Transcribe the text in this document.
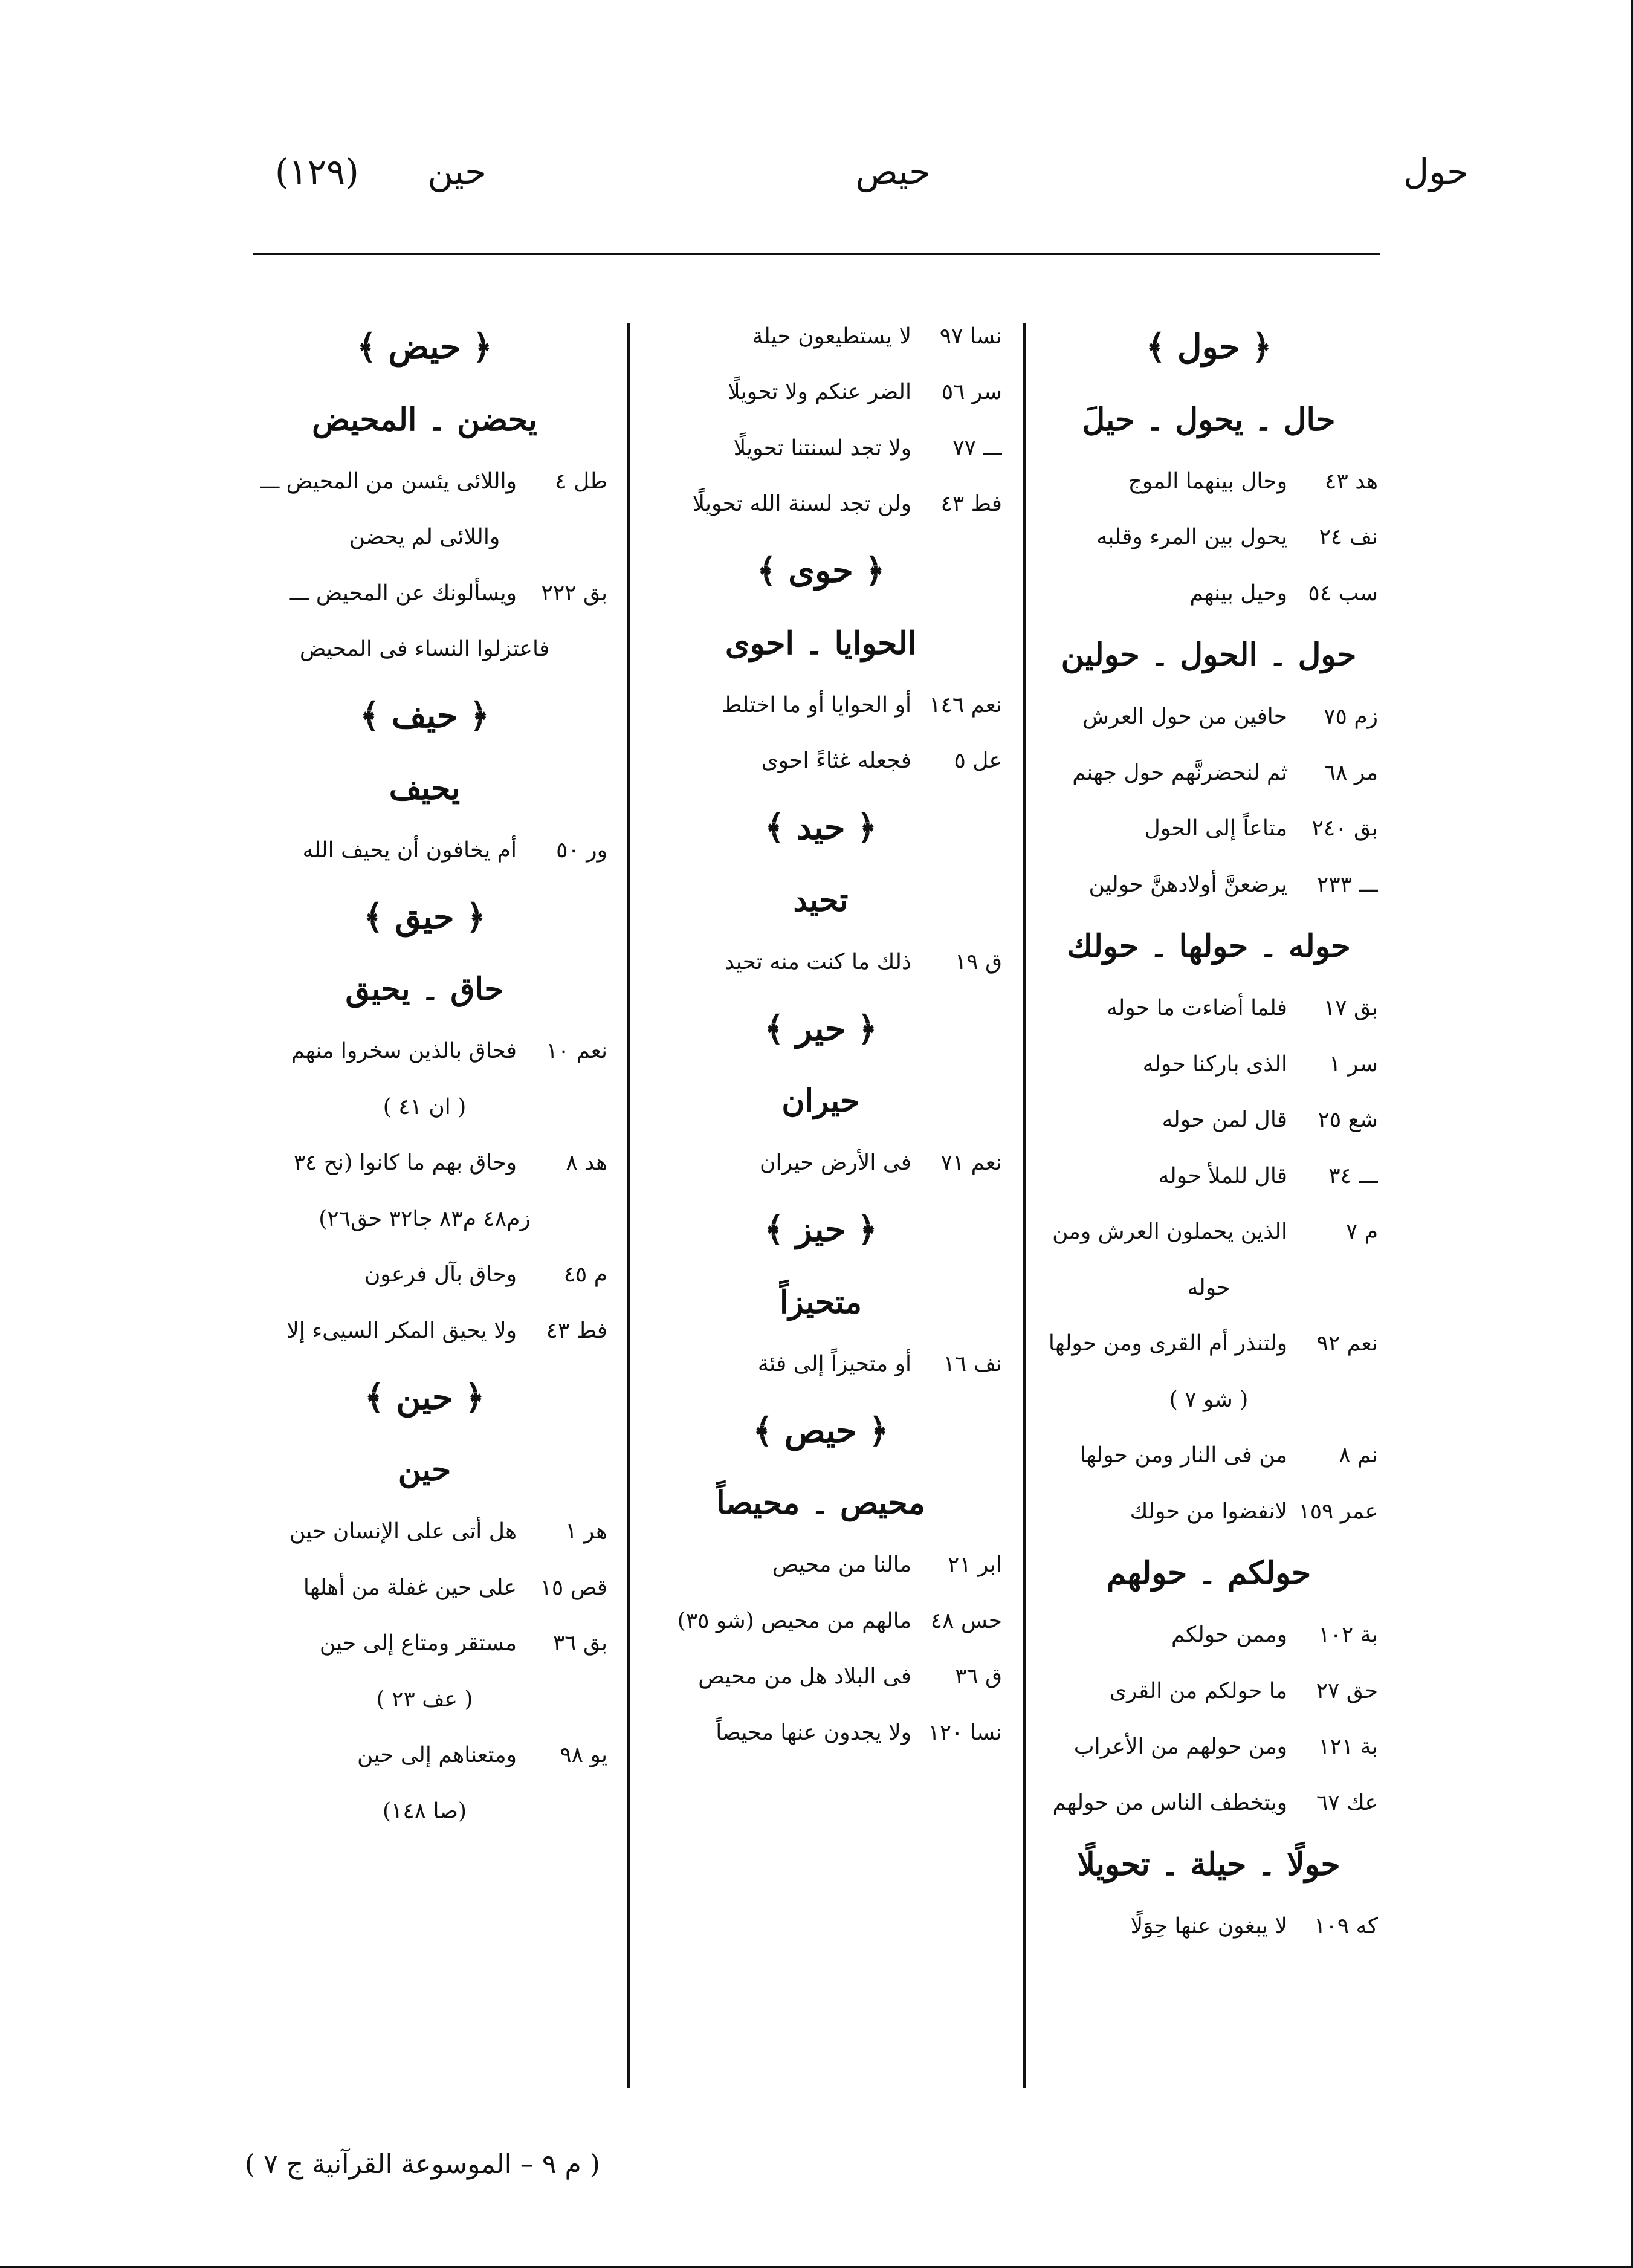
حول
حيص
حين
(١٢٩)
﴿ حول ﴾
حال ۔ يحول ۔ حيلَ
هد ٤٣
وحال بينهما الموج
نف ٢٤
يحول بين المرء وقلبه
سب ٥٤
وحيل بينهم
حول ۔ الحول ۔ حولين
زم ٧٥
حافين من حول العرش
مر ٦٨
ثم لنحضرنَّهم حول جهنم
بق ٢٤٠
متاعاً إلى الحول
ـــ ٢٣٣
يرضعنَّ أولادهنَّ حولين
حوله ۔ حولها ۔ حولك
بق ١٧
فلما أضاءت ما حوله
سر ١
الذى باركنا حوله
شع ٢٥
قال لمن حوله
ـــ ٣٤
قال للملأ حوله
م ٧
الذين يحملون العرش ومن
حوله
نعم ٩٢
ولتنذر أم القرى ومن حولها
( شو ٧ )
نم ٨
من فى النار ومن حولها
عمر ١٥٩
لانفضوا من حولك
حولكم ۔ حولهم
بة ١٠٢
وممن حولكم
حق ٢٧
ما حولكم من القرى
بة ١٢١
ومن حولهم من الأعراب
عك ٦٧
ويتخطف الناس من حولهم
حولًا ۔ حيلة ۔ تحويلًا
كه ١٠٩
لا يبغون عنها حِوَلًا
نسا ٩٧
لا يستطيعون حيلة
سر ٥٦
الضر عنكم ولا تحويلًا
ـــ ٧٧
ولا تجد لسنتنا تحويلًا
فط ٤٣
ولن تجد لسنة الله تحويلًا
﴿ حوى ﴾
الحوايا ۔ احوى
نعم ١٤٦
أو الحوايا أو ما اختلط
عل ٥
فجعله غثاءً احوى
﴿ حيد ﴾
تحيد
ق ١٩
ذلك ما كنت منه تحيد
﴿ حير ﴾
حيران
نعم ٧١
فى الأرض حيران
﴿ حيز ﴾
متحيزاً
نف ١٦
أو متحيزاً إلى فئة
﴿ حيص ﴾
محيص ۔ محيصاً
ابر ٢١
مالنا من محيص
حس ٤٨
مالهم من محيص (شو ٣٥)
ق ٣٦
فى البلاد هل من محيص
نسا ١٢٠
ولا يجدون عنها محيصاً
﴿ حيض ﴾
يحضن ۔ المحيض
طل ٤
واللائى يئسن من المحيض ـــ
واللائى لم يحضن
بق ٢٢٢
ويسألونك عن المحيض ـــ
فاعتزلوا النساء فى المحيض
﴿ حيف ﴾
يحيف
ور ٥٠
أم يخافون أن يحيف الله
﴿ حيق ﴾
حاق ۔ يحيق
نعم ١٠
فحاق بالذين سخروا منهم
( ان ٤١ )
هد ٨
وحاق بهم ما كانوا (نح ٣٤
زم٤٨ م٨٣ جا٣٢ حق٢٦)
م ٤٥
وحاق بآل فرعون
فط ٤٣
ولا يحيق المكر السيىء إلا
﴿ حين ﴾
حين
هر ١
هل أتى على الإنسان حين
قص ١٥
على حين غفلة من أهلها
بق ٣٦
مستقر ومتاع إلى حين
( عف ٢٣ )
يو ٩٨
ومتعناهم إلى حين
(صا ١٤٨)
( م ٩ – الموسوعة القرآنية ج ٧ )
